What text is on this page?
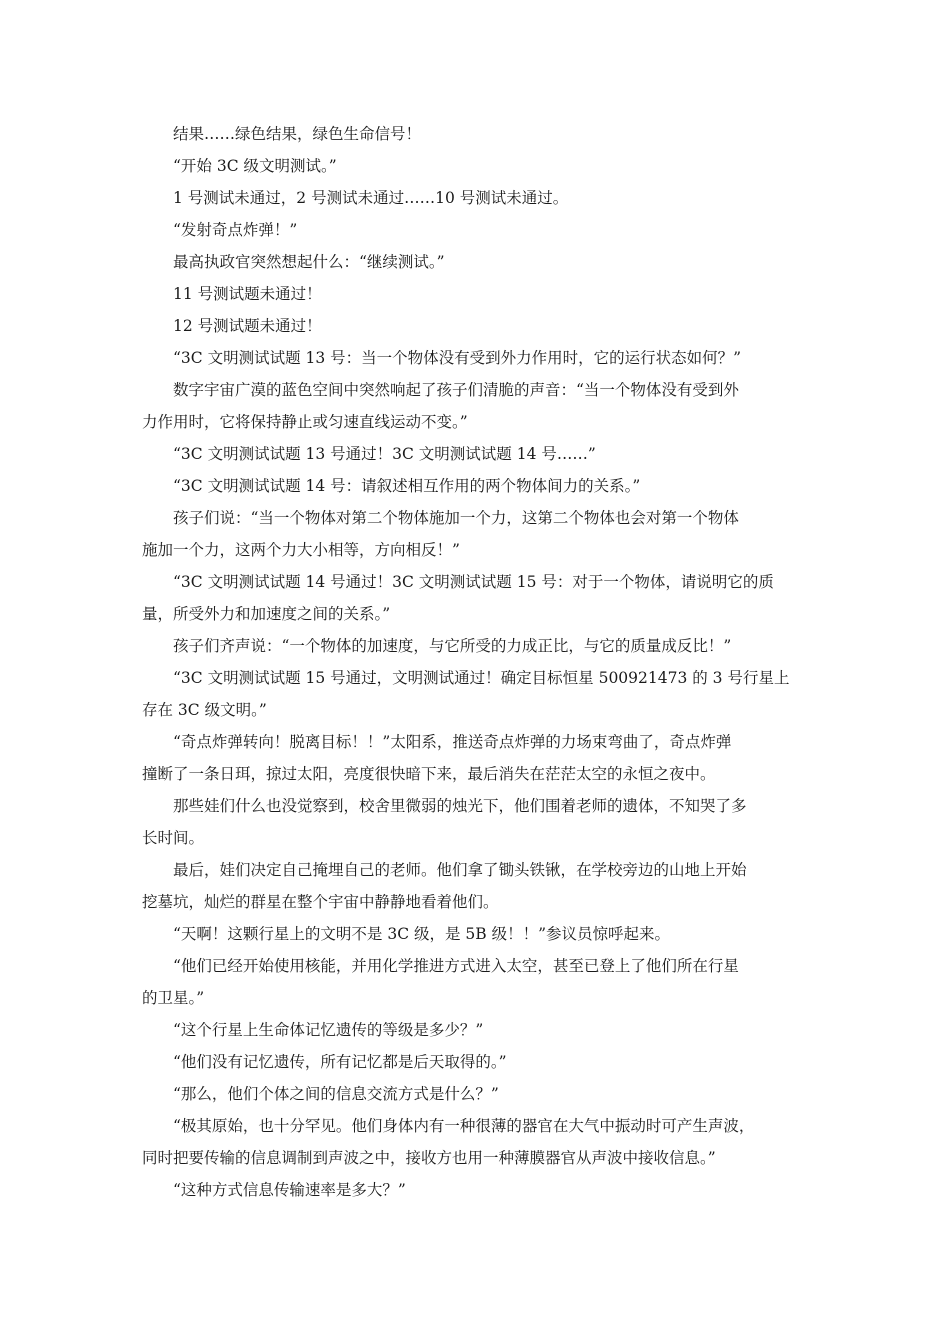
结果……绿色结果，绿色生命信号！

“开始 3C 级文明测试。”

1 号测试未通过，2 号测试未通过……10 号测试未通过。

“发射奇点炸弹！”

最高执政官突然想起什么：“继续测试。”

11 号测试题未通过！

12 号测试题未通过！

“3C 文明测试试题 13 号：当一个物体没有受到外力作用时，它的运行状态如何？”

数字宇宙广漠的蓝色空间中突然响起了孩子们清脆的声音：“当一个物体没有受到外
力作用时，它将保持静止或匀速直线运动不变。”

“3C 文明测试试题 13 号通过！3C 文明测试试题 14 号……”

“3C 文明测试试题 14 号：请叙述相互作用的两个物体间力的关系。”

孩子们说：“当一个物体对第二个物体施加一个力，这第二个物体也会对第一个物体
施加一个力，这两个力大小相等，方向相反！”

“3C 文明测试试题 14 号通过！3C 文明测试试题 15 号：对于一个物体，请说明它的质
量，所受外力和加速度之间的关系。”

孩子们齐声说：“一个物体的加速度，与它所受的力成正比，与它的质量成反比！”

“3C 文明测试试题 15 号通过，文明测试通过！确定目标恒星 500921473 的 3 号行星上
存在 3C 级文明。”

“奇点炸弹转向！脱离目标！！”太阳系，推送奇点炸弹的力场束弯曲了，奇点炸弹
撞断了一条日珥，掠过太阳，亮度很快暗下来，最后消失在茫茫太空的永恒之夜中。

那些娃们什么也没觉察到，校舍里微弱的烛光下，他们围着老师的遗体，不知哭了多
长时间。

最后，娃们决定自己掩埋自己的老师。他们拿了锄头铁锹，在学校旁边的山地上开始
挖墓坑，灿烂的群星在整个宇宙中静静地看着他们。

“天啊！这颗行星上的文明不是 3C 级，是 5B 级！！”参议员惊呼起来。

“他们已经开始使用核能，并用化学推进方式进入太空，甚至已登上了他们所在行星
的卫星。”

“这个行星上生命体记忆遗传的等级是多少？”

“他们没有记忆遗传，所有记忆都是后天取得的。”

“那么，他们个体之间的信息交流方式是什么？”

“极其原始，也十分罕见。他们身体内有一种很薄的器官在大气中振动时可产生声波，
同时把要传输的信息调制到声波之中，接收方也用一种薄膜器官从声波中接收信息。”

“这种方式信息传输速率是多大？”
